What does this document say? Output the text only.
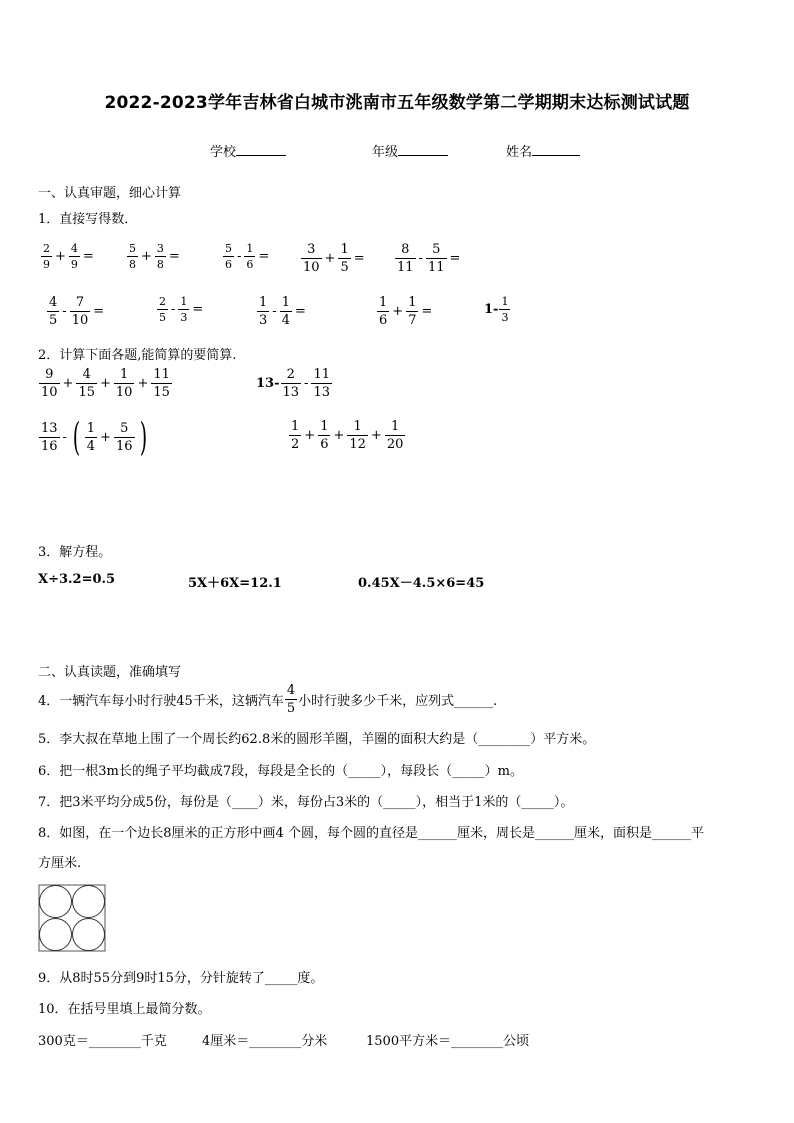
2022-2023学年吉林省白城市洮南市五年级数学第二学期期末达标测试试题
学校	年级	姓名
一、认真审题，细心计算
1．直接写得数．
$\frac{2}{9} + \frac{4}{9}$ =	$\frac{5}{8} + \frac{3}{8}$ =	$\frac{5}{6} - \frac{1}{6} = \frac{3}{10} + \frac{1}{5} = \frac{8}{11} - \frac{5}{11}$ =
$\frac{4}{5} - \frac{7}{10}$ =	$\frac{2}{5} - \frac{1}{3}$ =	$\frac{1}{3} - \frac{1}{4}$ =	$\frac{1}{6} + \frac{1}{7}$ =	$1- \frac{1}{3}$
2．计算下面各题,能简算的要简算.
$\frac{9}{10} + \frac{4}{15} + \frac{1}{10} + \frac{11}{15}$	$13- \frac{2}{13} - \frac{11}{13}$
$\frac{13}{16}$ - ( $\frac{1}{4} + \frac{5}{16}$ )	$\frac{1}{2} + \frac{1}{6} + \frac{1}{12} + \frac{1}{20}$
3．解方程。
X÷3.2=0.5	5X＋6X=12.1	0.45X－4.5×6=45
二、认真读题，准确填写
4．一辆汽车每小时行驶45千米，这辆汽车 $\frac{4}{5}$ 小时行驶多少千米，应列式______.
5．李大叔在草地上围了一个周长约62.8米的圆形羊圈，羊圈的面积大约是（________）平方米。
6．把一根3m长的绳子平均截成7段，每段是全长的（_____），每段长（_____）m。
7．把3米平均分成5份，每份是（____）米，每份占3米的（_____），相当于1米的（_____）。
8．如图，在一个边长8厘米的正方形中画4 个圆，每个圆的直径是______厘米，周长是______厘米，面积是______平
方厘米.
9．从8时55分到9时15分，分针旋转了_____度。
10．在括号里填上最简分数。
300克＝________千克	4厘米＝________分米	1500平方米＝________公顷
